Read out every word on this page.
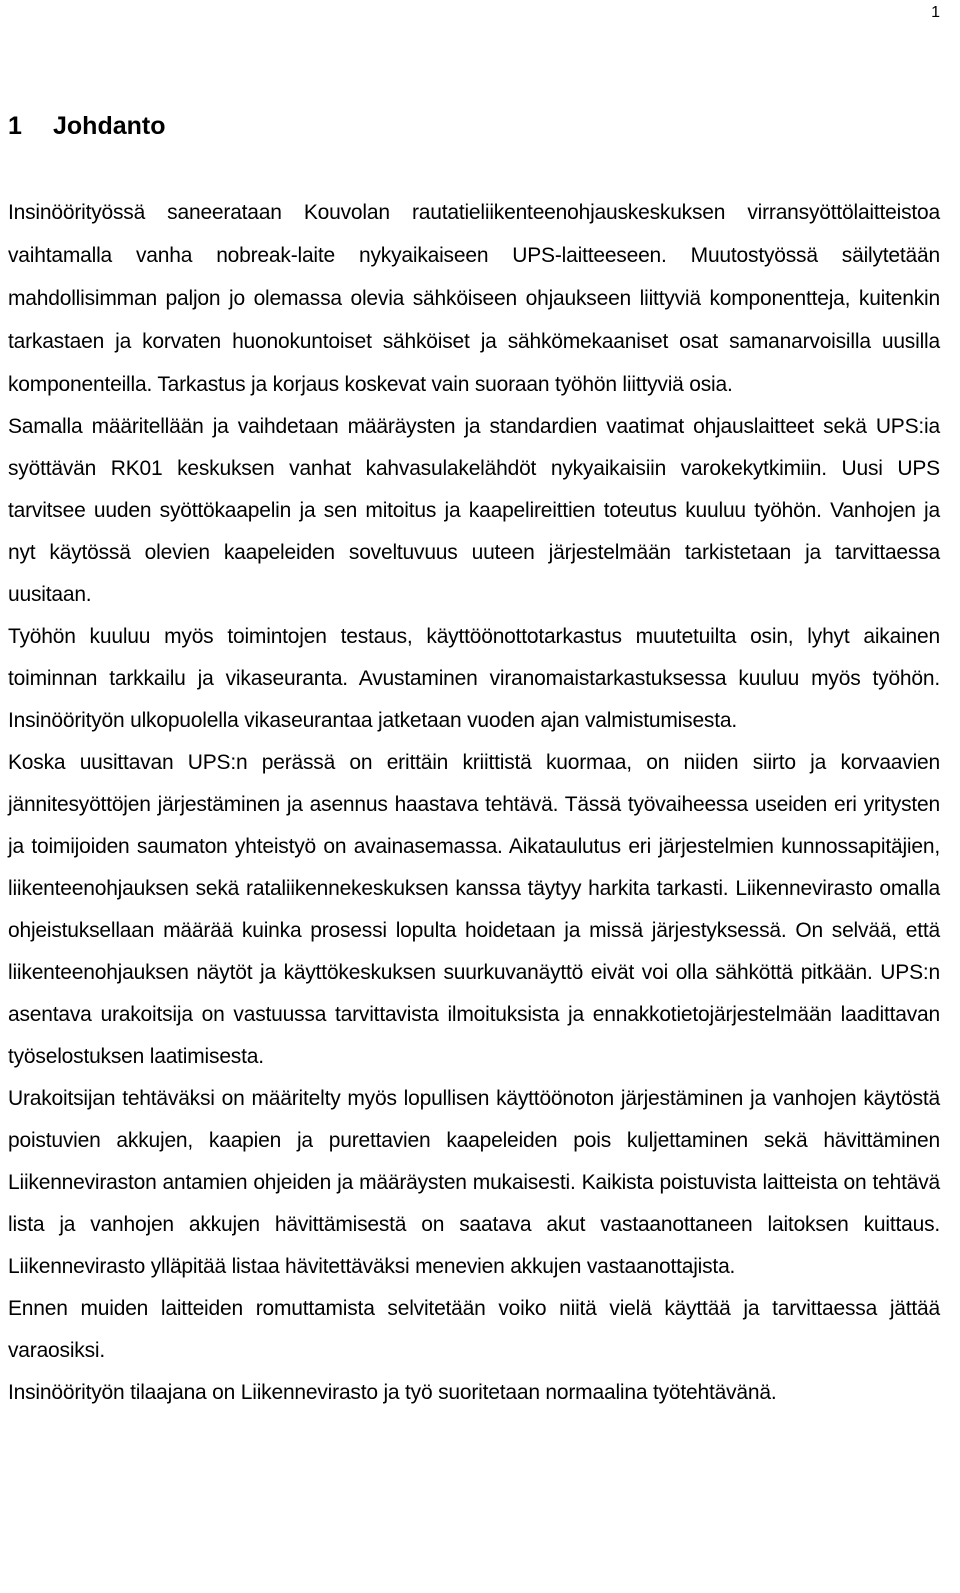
1
1 Johdanto

Insinöörityössä saneerataan Kouvolan rautatieliikenteenohjauskeskuksen virransyöttölaitteistoa vaihtamalla vanha nobreak-laite nykyaikaiseen UPS-laitteeseen. Muutostyössä säilytetään mahdollisimman paljon jo olemassa olevia sähköiseen ohjaukseen liittyviä komponentteja, kuitenkin tarkastaen ja korvaten huonokuntoiset sähköiset ja sähkömekaaniset osat samanarvoisilla uusilla komponenteilla. Tarkastus ja korjaus koskevat vain suoraan työhön liittyviä osia.

Samalla määritellään ja vaihdetaan määräysten ja standardien vaatimat ohjauslaitteet sekä UPS:ia syöttävän RK01 keskuksen vanhat kahvasulakelähdöt nykyaikaisiin varokekytkimiin. Uusi UPS tarvitsee uuden syöttökaapelin ja sen mitoitus ja kaapelireittien toteutus kuuluu työhön. Vanhojen ja nyt käytössä olevien kaapeleiden soveltuvuus uuteen järjestelmään tarkistetaan ja tarvittaessa uusitaan.

Työhön kuuluu myös toimintojen testaus, käyttöönottotarkastus muutetuilta osin, lyhyt aikainen toiminnan tarkkailu ja vikaseuranta. Avustaminen viranomaistarkastuksessa kuuluu myös työhön. Insinöörityön ulkopuolella vikaseurantaa jatketaan vuoden ajan valmistumisesta.

Koska uusittavan UPS:n perässä on erittäin kriittistä kuormaa, on niiden siirto ja korvaavien jännitesyöttöjen järjestäminen ja asennus haastava tehtävä. Tässä työvaiheessa useiden eri yritysten ja toimijoiden saumaton yhteistyö on avainasemassa. Aikataulutus eri järjestelmien kunnossapitäjien, liikenteenohjauksen sekä rataliikennekeskuksen kanssa täytyy harkita tarkasti. Liikennevirasto omalla ohjeistuksellaan määrää kuinka prosessi lopulta hoidetaan ja missä järjestyksessä. On selvää, että liikenteenohjauksen näytöt ja käyttökeskuksen suurkuvanäyttö eivät voi olla sähköttä pitkään. UPS:n asentava urakoitsija on vastuussa tarvittavista ilmoituksista ja ennakkotietojärjestelmään laadittavan työselostuksen laatimisesta.

Urakoitsijan tehtäväksi on määritelty myös lopullisen käyttöönoton järjestäminen ja vanhojen käytöstä poistuvien akkujen, kaapien ja purettavien kaapeleiden pois kuljettaminen sekä hävittäminen Liikenneviraston antamien ohjeiden ja määräysten mukaisesti. Kaikista poistuvista laitteista on tehtävä lista ja vanhojen akkujen hävittämisestä on saatava akut vastaanottaneen laitoksen kuittaus. Liikennevirasto ylläpitää listaa hävitettäväksi menevien akkujen vastaanottajista.

Ennen muiden laitteiden romuttamista selvitetään voiko niitä vielä käyttää ja tarvittaessa jättää varaosiksi.

Insinöörityön tilaajana on Liikennevirasto ja työ suoritetaan normaalina työtehtävänä.
